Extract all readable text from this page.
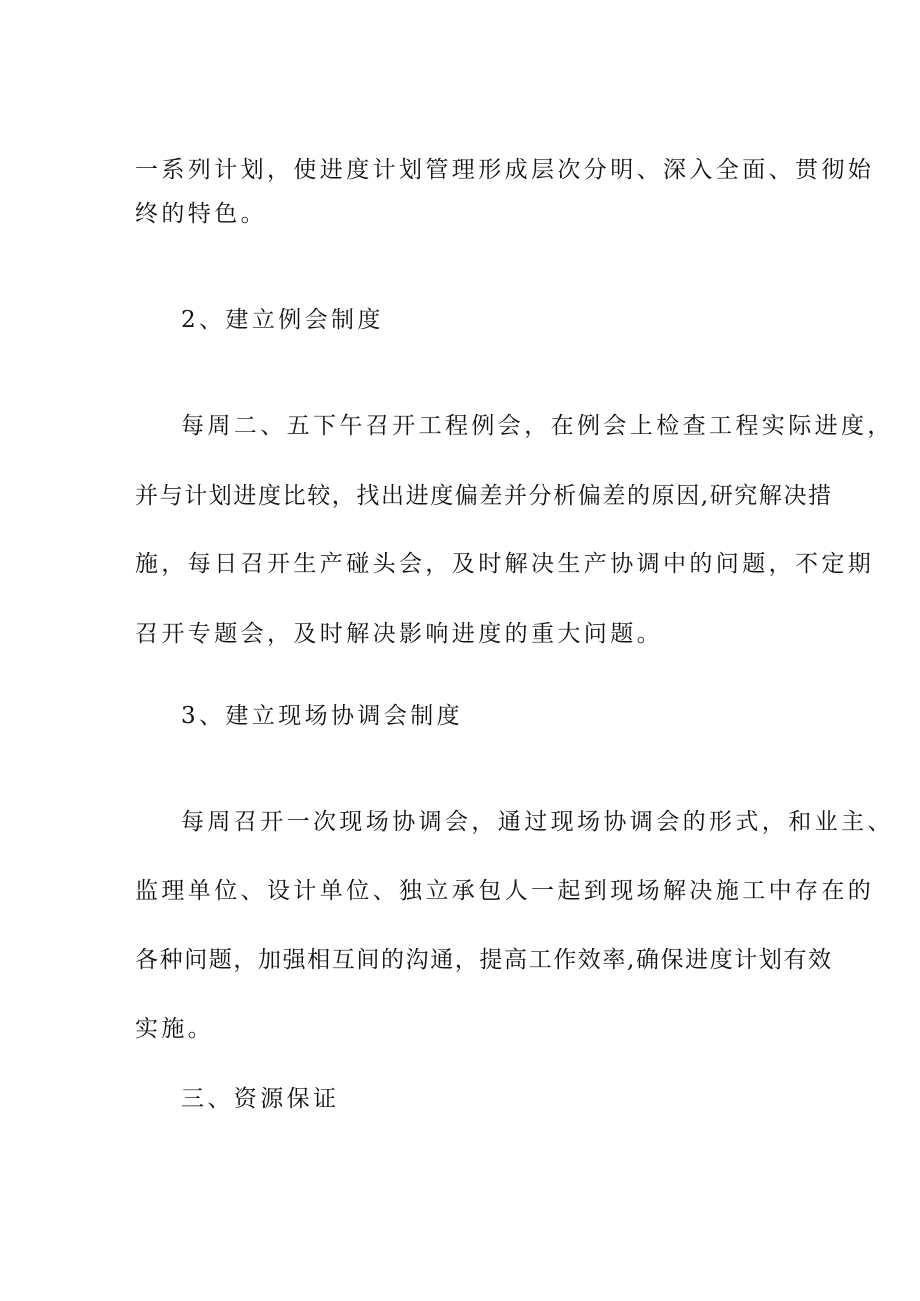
一系列计划，使进度计划管理形成层次分明、深入全面、贯彻始

终的特色。

2、建立例会制度

每周二、五下午召开工程例会，在例会上检查工程实际进度，

并与计划进度比较，找出进度偏差并分析偏差的原因,研究解决措

施，每日召开生产碰头会，及时解决生产协调中的问题，不定期

召开专题会，及时解决影响进度的重大问题。

3、建立现场协调会制度

每周召开一次现场协调会，通过现场协调会的形式，和业主、

监理单位、设计单位、独立承包人一起到现场解决施工中存在的

各种问题，加强相互间的沟通，提高工作效率,确保进度计划有效

实施。

三、资源保证
